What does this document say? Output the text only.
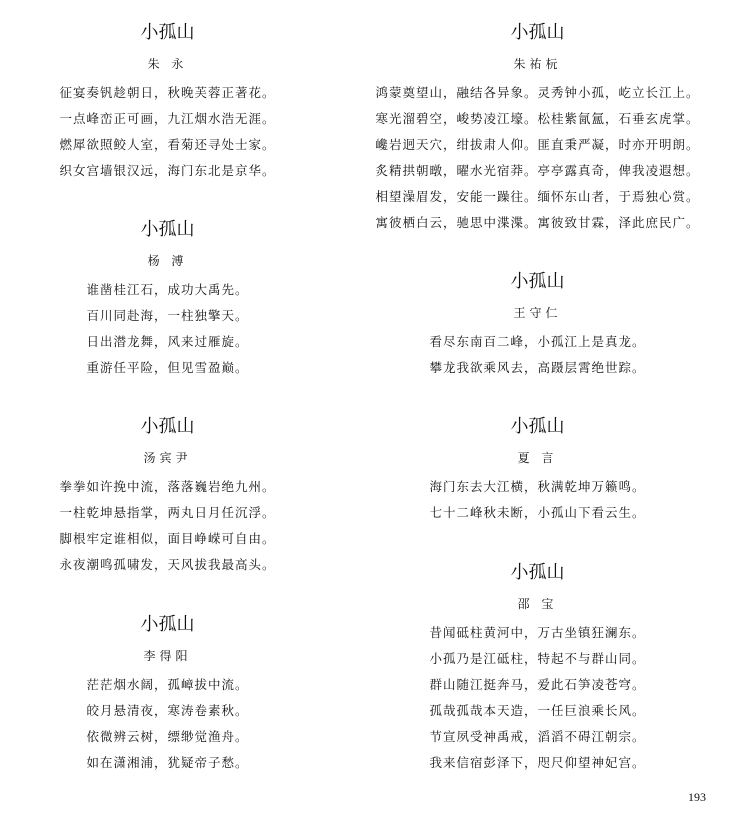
小孤山
朱 永
征宴奏钒趁朝日，秋晚芙蓉正著花。
一点峰峦正可画，九江烟水浩无涯。
燃犀欲照鲛人室，看菊还寻处士家。
织女宫墙银汉远，海门东北是京华。
小孤山
杨 溥
谁凿桂江石，成功大禹先。
百川同赴海，一柱独擎天。
日出潜龙舞，风来过雁旋。
重游任平险，但见雪盈巅。
小孤山
汤宾尹
拳拳如许挽中流，落落巍岩绝九州。
一柱乾坤悬指掌，两丸日月任沉浮。
脚根牢定谁相似，面目峥嵘可自由。
永夜潮鸣孤啸发，天风拔我最高头。
小孤山
李得阳
茫茫烟水阔，孤嶂拔中流。
皎月悬清夜，寒涛卷素秋。
依微辨云树，缥缈觉渔舟。
如在潇湘浦，犹疑帝子愁。
小孤山
朱祐杬
鸿蒙奠望山，融结各异象。灵秀钟小孤，屹立长江上。
寒光溜碧空，峻势凌江壕。松桂紫氤氲，石垂玄虎掌。
巉岩迥天穴，绀拔肃人仰。匪直秉严凝，时亦开明朗。
炙精拱朝暾，曜水光宿莽。亭亭露真奇，俾我凌遐想。
相望澡眉发，安能一躁往。缅怀东山者，于焉独心赏。
寓彼栖白云，驰思中渫渫。寓彼致甘霖，泽此庶民广。
小孤山
王守仁
看尽东南百二峰，小孤江上是真龙。
攀龙我欲乘风去，高蹑层霄绝世踪。
小孤山
夏 言
海门东去大江横，秋满乾坤万籁鸣。
七十二峰秋未断，小孤山下看云生。
小孤山
邵 宝
昔闻砥柱黄河中，万古坐镇狂澜东。
小孤乃是江砥柱，特起不与群山同。
群山随江挺奔马，爱此石笋凌苍穹。
孤哉孤哉本天造，一任巨浪乘长风。
节宣夙受神禹戒，滔滔不碍江朝宗。
我来信宿彭泽下，咫尺仰望神妃宫。
193
